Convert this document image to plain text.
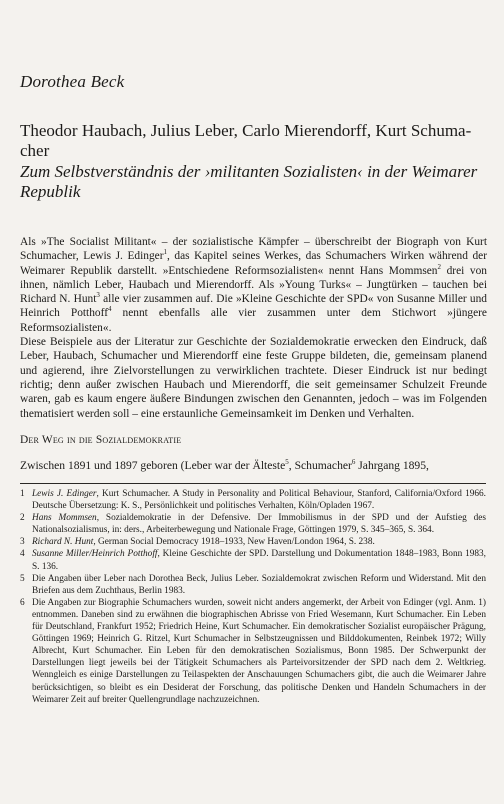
Dorothea Beck
Theodor Haubach, Julius Leber, Carlo Mierendorff, Kurt Schuma- cher
Zum Selbstverständnis der ›militanten Sozialisten‹ in der Weimarer Republik

Als »The Socialist Militant« – der sozialistische Kämpfer – überschreibt der Biograph von Kurt Schumacher, Lewis J. Edinger$^1$, das Kapitel seines Werkes, das Schumachers Wirken während der Weimarer Republik darstellt. »Entschiedene Reformsozialisten« nennt Hans Mommsen$^2$ drei von ihnen, nämlich Leber, Haubach und Mierendorff. Als »Young Turks« – Jungtürken – tauchen bei Richard N. Hunt$^3$ alle vier zusammen auf. Die »Kleine Geschichte der SPD« von Susanne Miller und Heinrich Potthoff$^4$ nennt ebenfalls alle vier zusammen unter dem Stichwort »jüngere Reformsozialisten«.

Diese Beispiele aus der Literatur zur Geschichte der Sozialdemokratie erwecken den Eindruck, daß Leber, Haubach, Schumacher und Mierendorff eine feste Gruppe bildeten, die, gemeinsam planend und agierend, ihre Zielvorstellungen zu verwirklichen trachtete. Dieser Eindruck ist nur bedingt richtig; denn außer zwischen Haubach und Mierendorff, die seit gemeinsamer Schulzeit Freunde waren, gab es kaum engere äußere Bindungen zwischen den Genannten, jedoch – was im Folgenden thematisiert werden soll – eine erstaunliche Gemeinsamkeit im Denken und Verhalten.

Der Weg in die Sozialdemokratie
Zwischen 1891 und 1897 geboren (Leber war der Älteste$^5$, Schumacher$^6$ Jahrgang 1895,
1 Lewis J. Edinger, Kurt Schumacher. A Study in Personality and Political Behaviour, Stanford, California/Oxford 1966. Deutsche Übersetzung: K. S., Persönlichkeit und politisches Verhalten, Köln/Opladen 1967.
2 Hans Mommsen, Sozialdemokratie in der Defensive. Der Immobilismus in der SPD und der Aufstieg des Nationalsozialismus, in: ders., Arbeiterbewegung und Nationale Frage, Göttingen 1979, S. 345–365, S. 364.
3 Richard N. Hunt, German Social Democracy 1918–1933, New Haven/London 1964, S. 238.
4 Susanne Miller/Heinrich Potthoff, Kleine Geschichte der SPD. Darstellung und Dokumentation 1848–1983, Bonn 1983, S. 136.
5 Die Angaben über Leber nach Dorothea Beck, Julius Leber. Sozialdemokrat zwischen Reform und Widerstand. Mit den Briefen aus dem Zuchthaus, Berlin 1983.
6 Die Angaben zur Biographie Schumachers wurden, soweit nicht anders angemerkt, der Arbeit von Edinger (vgl. Anm. 1) entnommen. Daneben sind zu erwähnen die biographischen Abrisse von Fried Wesemann, Kurt Schumacher. Ein Leben für Deutschland, Frankfurt 1952; Friedrich Heine, Kurt Schumacher. Ein demokratischer Sozialist europäischer Prägung, Göttingen 1969; Heinrich G. Ritzel, Kurt Schumacher in Selbstzeugnissen und Bilddokumenten, Reinbek 1972; Willy Albrecht, Kurt Schumacher. Ein Leben für den demokratischen Sozialismus, Bonn 1985. Der Schwerpunkt der Darstellungen liegt jeweils bei der Tätigkeit Schumachers als Parteivorsitzender der SPD nach dem 2. Weltkrieg. Wenngleich es einige Darstellungen zu Teilaspekten der Anschauungen Schumachers gibt, die auch die Weimarer Jahre berücksichtigen, so bleibt es ein Desiderat der Forschung, das politische Denken und Handeln Schumachers in der Weimarer Zeit auf breiter Quellengrundlage nachzuzeichnen.
